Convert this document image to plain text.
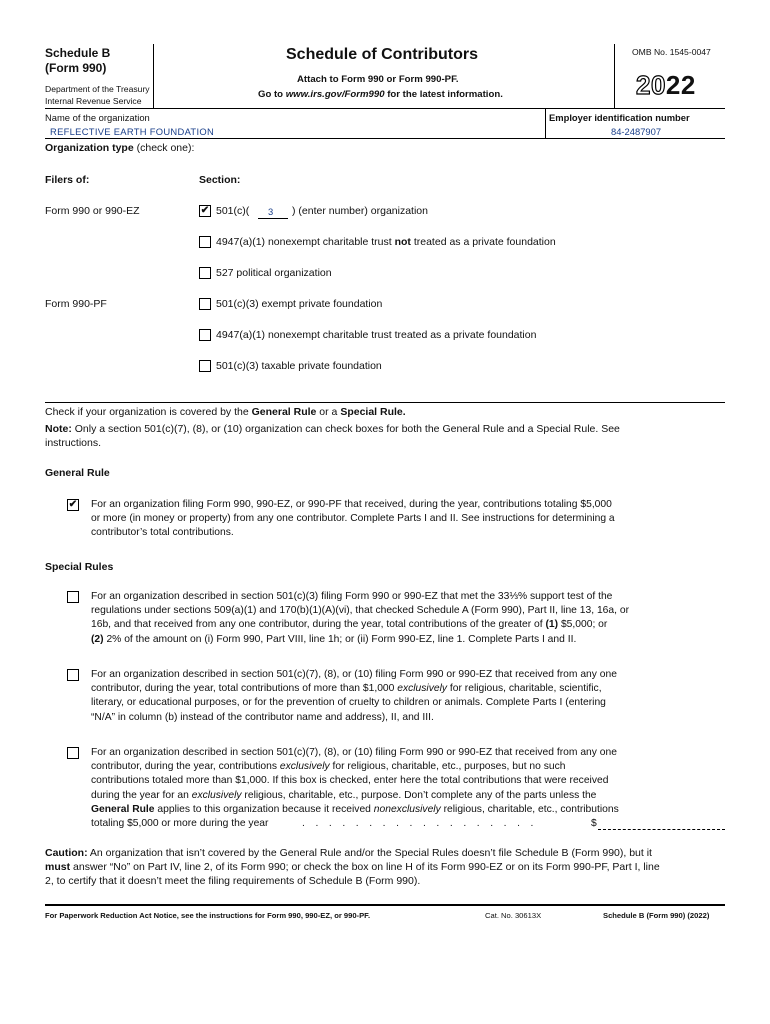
Schedule B
(Form 990)
Department of the Treasury
Internal Revenue Service
Schedule of Contributors
Attach to Form 990 or Form 990-PF.
Go to www.irs.gov/Form990 for the latest information.
OMB No. 1545-0047
2022
Name of the organization
REFLECTIVE EARTH FOUNDATION
Employer identification number
84-2487907
Organization type (check one):
Filers of:	Section:
Form 990 or 990-EZ	✔ 501(c)( 3 ) (enter number) organization
4947(a)(1) nonexempt charitable trust not treated as a private foundation
527 political organization
Form 990-PF	501(c)(3) exempt private foundation
4947(a)(1) nonexempt charitable trust treated as a private foundation
501(c)(3) taxable private foundation
Check if your organization is covered by the General Rule or a Special Rule.
Note: Only a section 501(c)(7), (8), or (10) organization can check boxes for both the General Rule and a Special Rule. See
instructions.
General Rule
✔ For an organization filing Form 990, 990-EZ, or 990-PF that received, during the year, contributions totaling $5,000
or more (in money or property) from any one contributor. Complete Parts I and II. See instructions for determining a
contributor’s total contributions.
Special Rules
For an organization described in section 501(c)(3) filing Form 990 or 990-EZ that met the 33⅓% support test of the
regulations under sections 509(a)(1) and 170(b)(1)(A)(vi), that checked Schedule A (Form 990), Part II, line 13, 16a, or
16b, and that received from any one contributor, during the year, total contributions of the greater of (1) $5,000; or
(2) 2% of the amount on (i) Form 990, Part VIII, line 1h; or (ii) Form 990-EZ, line 1. Complete Parts I and II.
For an organization described in section 501(c)(7), (8), or (10) filing Form 990 or 990-EZ that received from any one
contributor, during the year, total contributions of more than $1,000 exclusively for religious, charitable, scientific,
literary, or educational purposes, or for the prevention of cruelty to children or animals. Complete Parts I (entering
“N/A” in column (b) instead of the contributor name and address), II, and III.
For an organization described in section 501(c)(7), (8), or (10) filing Form 990 or 990-EZ that received from any one
contributor, during the year, contributions exclusively for religious, charitable, etc., purposes, but no such
contributions totaled more than $1,000. If this box is checked, enter here the total contributions that were received
during the year for an exclusively religious, charitable, etc., purpose. Don’t complete any of the parts unless the
General Rule applies to this organization because it received nonexclusively religious, charitable, etc., contributions
totaling $5,000 or more during the year	.   .   .   .   .   .   .   .   .   .   .   .   .   .   .   .   .   .	$
Caution: An organization that isn’t covered by the General Rule and/or the Special Rules doesn’t file Schedule B (Form 990), but it
must answer “No” on Part IV, line 2, of its Form 990; or check the box on line H of its Form 990-EZ or on its Form 990-PF, Part I, line
2, to certify that it doesn’t meet the filing requirements of Schedule B (Form 990).
For Paperwork Reduction Act Notice, see the instructions for Form 990, 990-EZ, or 990-PF.	Cat. No. 30613X	Schedule B (Form 990) (2022)
